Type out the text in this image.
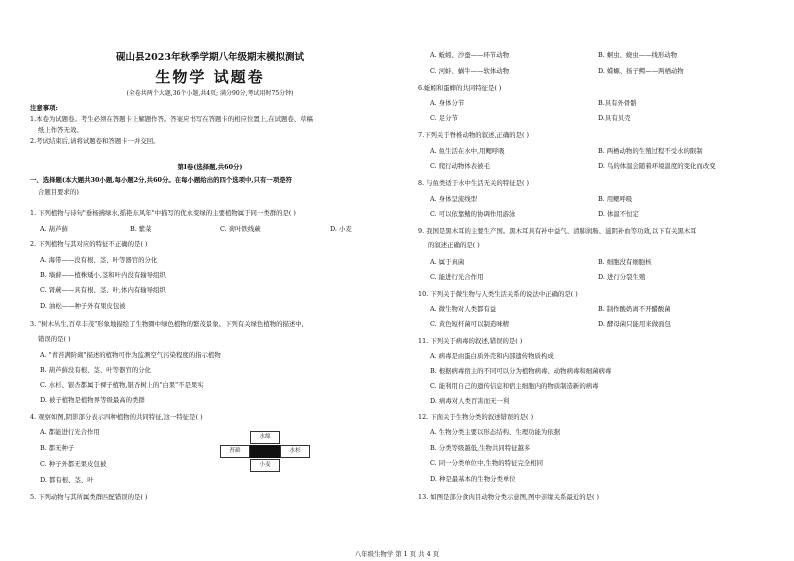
砚山县2023年秋季学期八年级期末模拟测试
生物学 试题卷
(全卷共两个大题,36个小题,共4页; 满分90分,考试用时75分钟)
注意事项:
1.本卷为试题卷。考生必须在答题卡上解题作答。答案应书写在答题卡的相应位置上,在试题卷、草稿
纸上作答无效。
2.考试结束后,请将试题卷和答题卡一并交回。
第Ⅰ卷(选择题,共60分)
一、选择题(本大题共30小题,每小题2分,共60分。在每小题给出的四个选项中,只有一项是符
合题目要求的)
1. 下列植物与诗句"垂杨拂绿水,摇艳东风年"中描写的优永变绿的主要植物属于同一类群的是( )
A. 葫芦藓	B. 紫菜	C. 荷叶铁线蕨	D. 小麦
2. 下列植物与其对应的特征不正确的是( )
A. 海带——没有根、茎、叶等器官的分化
B. 墙藓——植株矮小,茎和叶内没有输导组织
C. 肾蕨——具有根、茎、叶,体内有输导组织
D. 油松——种子外有果皮包被
3. "树木丛生,百草丰茂"形象地描绘了生物圈中绿色植物的繁茂景象。下列有关绿色植物的描述中,
错误的是( )
A. "青苔满阶砌"描述的植物可作为监测空气污染程度的指示植物
B. 葫芦藓没有根、茎、叶等器官的分化
C. 水杉、银杏都属于裸子植物,银杏树上的"白果"不是果实
D. 被子植物是植物界等级最高的类群
4. 观察如图,阴影部分表示四种植物的共同特征,这一特征是( )
A. 都能进行光合作用
B. 都无种子
C. 种子外都无果皮包被
D. 都有根、茎、叶
水绵
苔藓	水杉
小麦
5. 下列动物与其所属类群匹配错误的是( )
A. 蚯蚓、沙蚕——环节动物	B. 蛔虫、蛲虫——线形动物
C. 河蚌、蜗牛——软体动物	D. 蝾螈、扬子鳄——两栖动物
6.蚯蚓和蛋蟀的共同特征是( )
A. 身体分节	B.具有外骨骼
C. 足分节	D.具有贝壳
7.下列关于脊椎动物的叙述,正确的是( )
A. 鱼生活在水中,用鳃呼吸	B. 两栖动物的生殖过程不受水的限制
C. 爬行动物体表被毛	D. 鸟的体温会随着环境温度的变化而改变
8. 与鱼类适于水中生活无关的特征是( )
A. 身体呈流线型	B. 用鳃呼吸
C. 可以依靠鳍的协调作用游泳	D. 体温不恒定
9. 我国是黑木耳的主要生产国。黑木耳具有补中益气、清肺润肠、滋阴补血等功效,以下有关黑木耳
的叙述正确的是( )
A. 属于真菌	B. 细胞没有细胞核
C. 能进行光合作用	D. 进行分裂生殖
10. 下列关于微生物与人类生活关系的说法中正确的是( )
A. 微生物对人类都有益	B. 制作酸奶离不开醋酸菌
C. 黄色短杆菌可以制造味精	D. 酵母菌只能用来做面包
11. 下列关于病毒的叙述,错误的是( )
A. 病毒是由蛋白质外壳和内部遗传物质构成
B. 根据病毒宿主的不同可以分为植物病毒、动物病毒和细菌病毒
C. 能利用自己的遗传信息和宿主细胞内的物质制造新的病毒
D. 病毒对人类百害而无一利
12. 下面关于生物分类的叙述错误的是( )
A. 生物分类主要以形态结构、生理功能为依据
B. 分类等级越低,生物共同特征越多
C. 同一分类单位中,生物的特征完全相同
D. 种是最基本的生物分类单位
13. 如图是部分食肉目动物分类示意图,图中亲缘关系最近的是( )
八年级生物学 第 1 页 共 4 页
